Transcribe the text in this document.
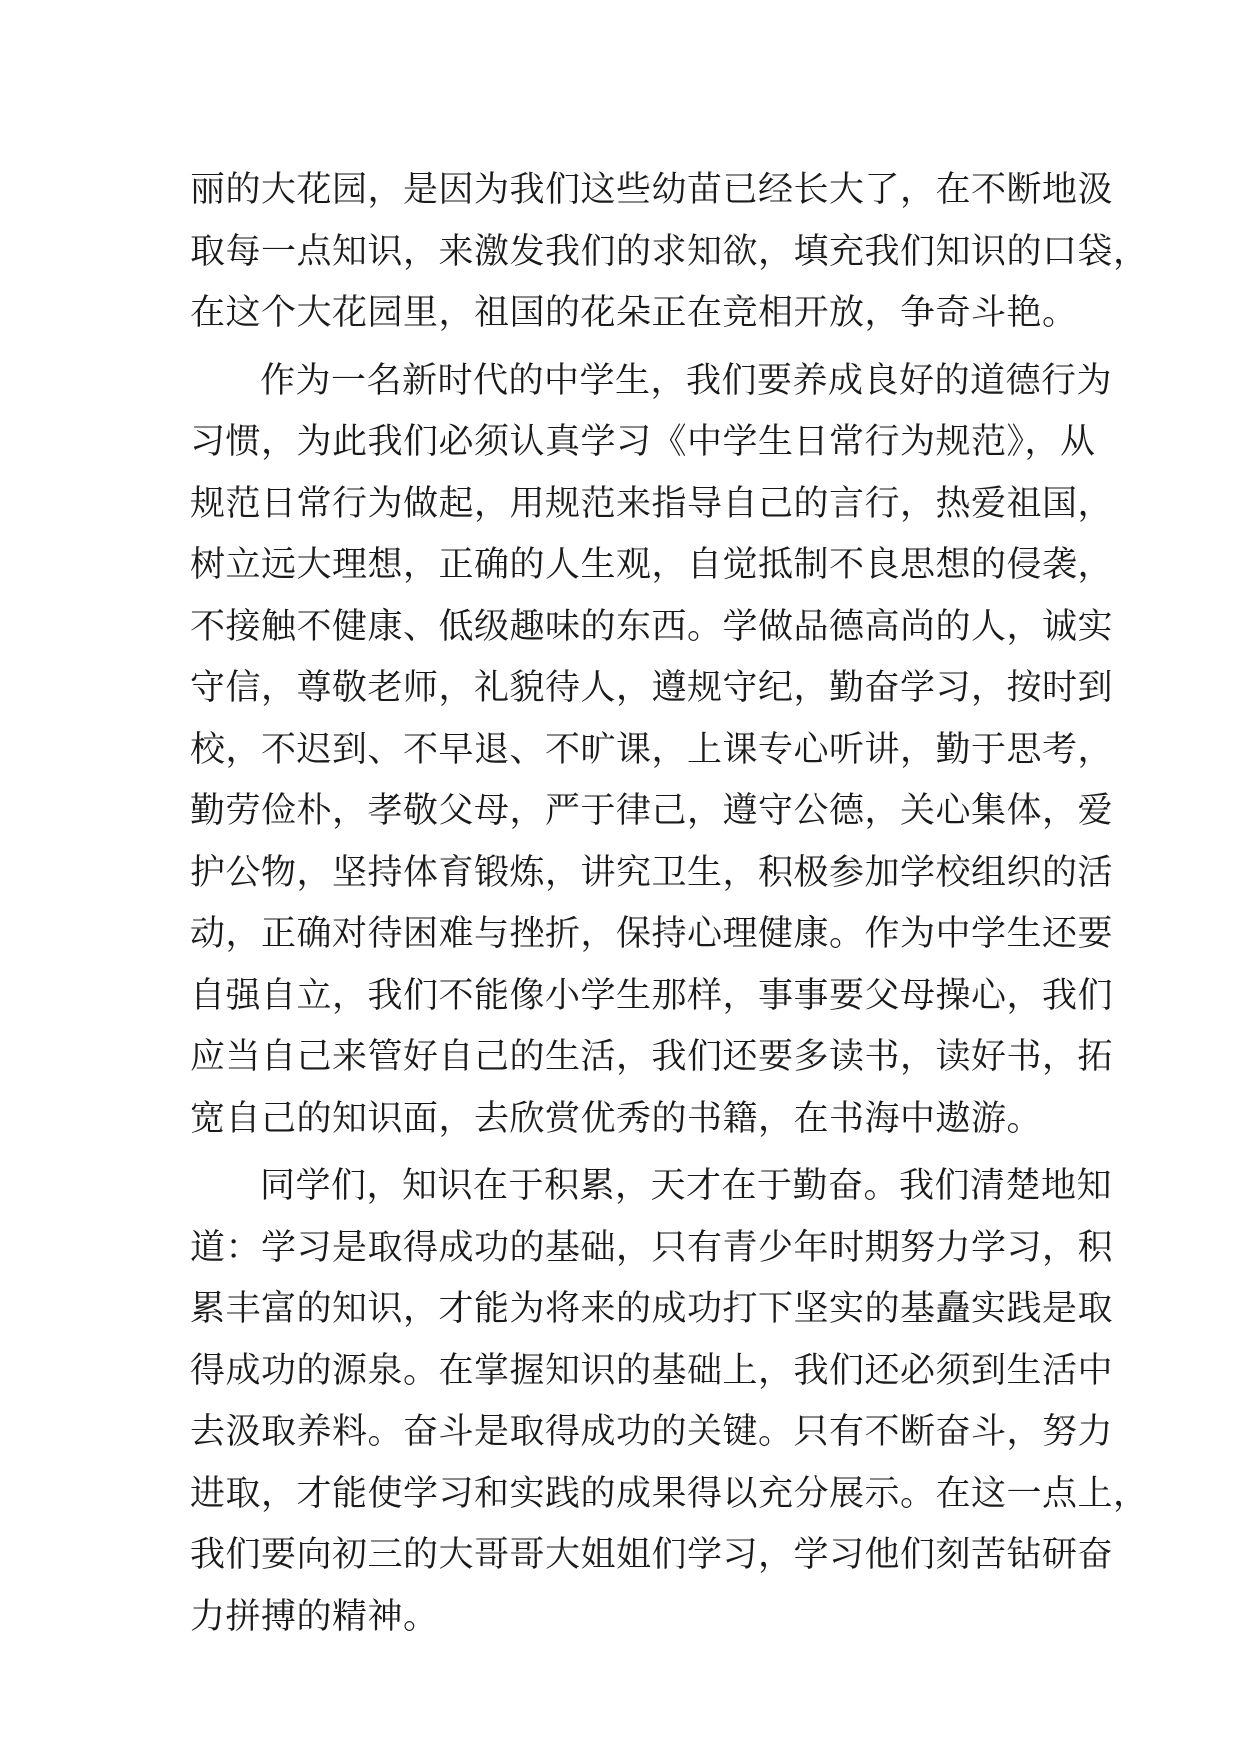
丽的大花园，是因为我们这些幼苗已经长大了，在不断地汲
取每一点知识，来激发我们的求知欲，填充我们知识的口袋，
在这个大花园里，祖国的花朵正在竞相开放，争奇斗艳。
作为一名新时代的中学生，我们要养成良好的道德行为
习惯，为此我们必须认真学习《中学生日常行为规范》，从
规范日常行为做起，用规范来指导自己的言行，热爱祖国，
树立远大理想，正确的人生观，自觉抵制不良思想的侵袭，
不接触不健康、低级趣味的东西。学做品德高尚的人，诚实
守信，尊敬老师，礼貌待人，遵规守纪，勤奋学习，按时到
校，不迟到、不早退、不旷课，上课专心听讲，勤于思考，
勤劳俭朴，孝敬父母，严于律己，遵守公德，关心集体，爱
护公物，坚持体育锻炼，讲究卫生，积极参加学校组织的活
动，正确对待困难与挫折，保持心理健康。作为中学生还要
自强自立，我们不能像小学生那样，事事要父母操心，我们
应当自己来管好自己的生活，我们还要多读书，读好书，拓
宽自己的知识面，去欣赏优秀的书籍，在书海中遨游。
同学们，知识在于积累，天才在于勤奋。我们清楚地知
道：学习是取得成功的基础，只有青少年时期努力学习，积
累丰富的知识，才能为将来的成功打下坚实的基矗实践是取
得成功的源泉。在掌握知识的基础上，我们还必须到生活中
去汲取养料。奋斗是取得成功的关键。只有不断奋斗，努力
进取，才能使学习和实践的成果得以充分展示。在这一点上，
我们要向初三的大哥哥大姐姐们学习，学习他们刻苦钻研奋
力拼搏的精神。
